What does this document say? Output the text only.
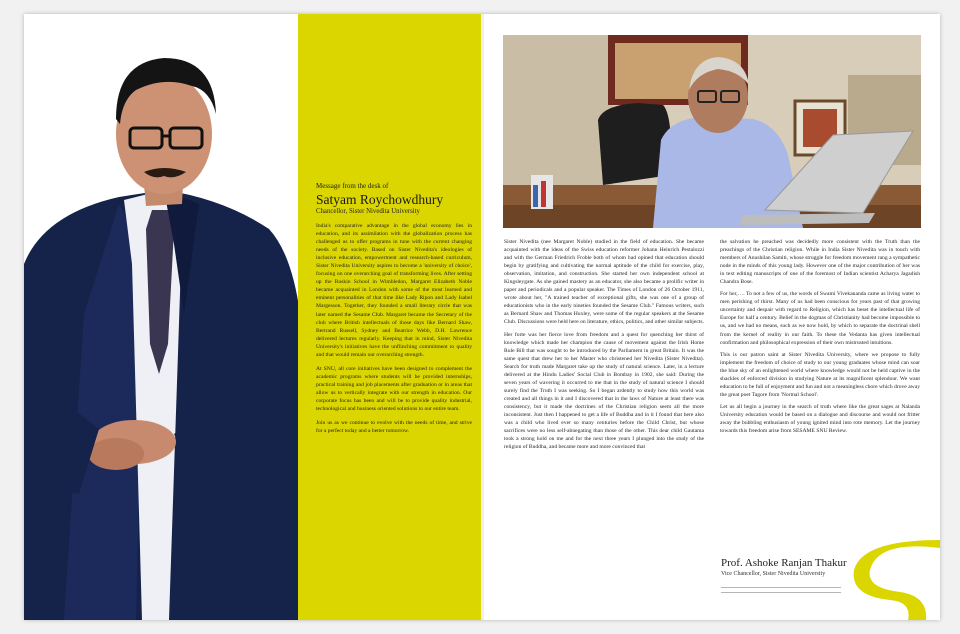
Message from the desk of
Satyam Roychowdhury
Chancellor, Sister Nivedita University

India's comparative advantage in the global economy lies in education, and its assimilation with the globalization process has challenged us to offer programs in tune with the current changing needs of the society. Based on Sister Nivedita's ideologies of inclusive education, empowerment and research-based curriculum, Sister Nivedita University aspires to become a 'university of choice', focusing on one overarching goal of transforming lives. After setting up the Ruskin School in Wimbledon, Margaret Elizabeth Noble became acquainted in London with some of the most learned and eminent personalities of that time like Lady Ripon and Lady Isabel Margesson. Together, they founded a small literary circle that was later named the Sesame Club. Margaret became the Secretary of the club where British intellectuals of those days like Bernard Shaw, Bertrand Russell, Sydney and Beatrice Webb, D.H. Lawrence delivered lectures regularly. Keeping that in mind, Sister Nivedita University's initiatives have the unflinching commitment to quality and that would remain our overarching strength.

At SNU, all core initiatives have been designed to complement the academic programs where students will be provided internships, practical training and job placements after graduation or in areas that allow us to vertically integrate with our strength in education. Our corporate focus has been and will be to provide quality industrial, technological and business oriented solutions to our entire team.

Join us as we continue to evolve with the needs of time, and strive for a perfect today and a better tomorrow.

Sister Nivedita (nee Margaret Noble) studied in the field of education. She became acquainted with the ideas of the Swiss education reformer Johann Heinrich Pestalozzi and with the German Friedrich Froble both of whom had opined that education should begin by gratifying and cultivating the normal aptitude of the child for exercise, play, observation, imitation, and construction. She started her own independent school at Kingsleygate. As she gained mastery as an educator, she also became a prolific writer in paper and periodicals and a popular speaker. The Times of London of 26 October 1911, wrote about her, "A trained teacher of exceptional gifts, she was one of a group of educationists who in the early nineties founded the Sesame Club." Famous writers, such as Bernard Shaw and Thomas Huxley, were some of the regular speakers at the Sesame Club. Discussions were held here on literature, ethics, politics, and other similar subjects.

Her forte was her fierce love from freedom and a quest for quenching her thirst of knowledge which made her champion the cause of movement against the Irish Home Rule Bill that was sought to be introduced by the Parliament in great Britain. It was the same quest that drew her to her Master who christened her Nivedita (Sister Nivedita). Search for truth made Margaret take up the study of natural science. Later, in a lecture delivered at the Hindu Ladies' Social Club in Bombay in 1902, she said: During the seven years of wavering it occurred to me that in the study of natural science I should surely find the Truth I was seeking. So I began ardently to study how this world was created and all things in it and I discovered that in the laws of Nature at least there was consistency, but it made the doctrines of the Christian religion seem all the more inconsistent. Just then I happened to get a life of Buddha and in it I found that here also was a child who lived ever so many centuries before the Child Christ, but whose sacrifices were no less self-abnegating than those of the other. This dear child Gautama took a strong hold on me and for the next three years I plunged into the study of the religion of Buddha, and became more and more convinced that

the salvation he preached was decidedly more consistent with the Truth than the preachings of the Christian religion. While in India Sister Nivedita was in touch with members of Anushilan Samiti, whose struggle for freedom movement rang a sympathetic node in the minds of this young lady. However one of the major contribution of her was in text editing manuscripts of one of the foremost of Indian scientist Acharya Jagadish Chandra Bose.

For her,…. To not a few of us, the words of Swami Vivekananda came as living water to men perishing of thirst. Many of us had been conscious for years past of that growing uncertainty and despair with regard to Religion, which has beset the intellectual life of Europe for half a century. Belief in the dogmas of Christianity had become impossible to us, and we had no means, such as we now hold, by which to separate the doctrinal shell from the kernel of reality in our faith. To these the Vedanta has given intellectual confirmation and philosophical expression of their own mistrusted intuitions.

This is our patron saint at Sister Nivedita University, where we propose to fully implement the freedom of choice of study to our young graduates whose mind can soar the blue sky of an enlightened world where knowledge would not be held captive in the shackles of enforced division in studying Nature at its magnificent splendour. We want education to be full of enjoyment and fun and not a meaningless chore which drove away the great poet Tagore from 'Normal School'.

Let us all begin a journey in the search of truth where like the great sages at Nalanda University education would be based on a dialogue and discourse and would not fritter away the bubbling enthusiasm of young ignited mind into rote memory. Let the journey towards this freedom arise from SESAME SNU Review.

Prof. Ashoke Ranjan Thakur
Vice Chancellor, Sister Nivedita University
